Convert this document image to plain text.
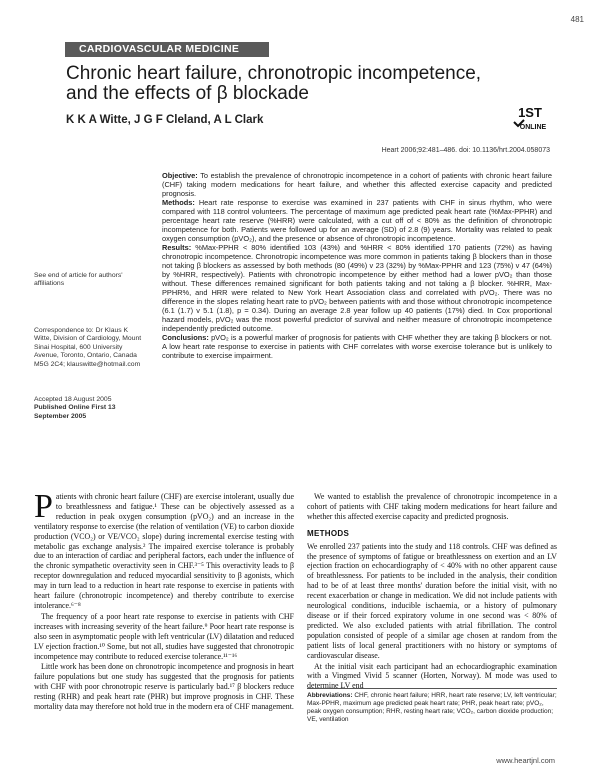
481
CARDIOVASCULAR MEDICINE
Chronic heart failure, chronotropic incompetence, and the effects of β blockade
K K A Witte, J G F Cleland, A L Clark	1ST
ONLINE
Heart 2006;92:481–486. doi: 10.1136/hrt.2004.058073
See end of article for authors' affiliations
Correspondence to: Dr Klaus K Witte, Division of Cardiology, Mount Sinai Hospital, 600 University Avenue, Toronto, Ontario, Canada M5G 2C4; klauswitte@hotmail.com
Accepted 18 August 2005
Published Online First 13 September 2005

Objective: To establish the prevalence of chronotropic incompetence in a cohort of patients with chronic heart failure (CHF) taking modern medications for heart failure, and whether this affected exercise capacity and predicted prognosis.

Methods: Heart rate response to exercise was examined in 237 patients with CHF in sinus rhythm, who were compared with 118 control volunteers. The percentage of maximum age predicted peak heart rate (%Max-PPHR) and percentage heart rate reserve (%HRR) were calculated, with a cut off of < 80% as the definition of chronotropic incompetence for both. Patients were followed up for an average (SD) of 2.8 (9) years. Mortality was related to peak oxygen consumption (pVO₂), and the presence or absence of chronotropic incompetence.

Results: %Max-PPHR < 80% identified 103 (43%) and %HRR < 80% identified 170 patients (72%) as having chronotropic incompetence. Chronotropic incompetence was more common in patients taking β blockers than in those not taking β blockers as assessed by both methods (80 (49%) v 23 (32%) by %Max-PPHR and 123 (75%) v 47 (64%) by %HRR, respectively). Patients with chronotropic incompetence by either method had a lower pVO₂ than those without. These differences remained significant for both patients taking and not taking a β blocker. %HRR, Max-PPHR%, and HRR were related to New York Heart Association class and correlated with pVO₂. There was no difference in the slopes relating heart rate to pVO₂ between patients with and those without chronotropic incompetence (6.1 (1.7) v 5.1 (1.8), p = 0.34). During an average 2.8 year follow up 40 patients (17%) died. In Cox proportional hazard models, pVO₂ was the most powerful predictor of survival and neither measure of chronotropic incompetence independently predicted outcome.

Conclusions: pVO₂ is a powerful marker of prognosis for patients with CHF whether they are taking β blockers or not. A low heart rate response to exercise in patients with CHF correlates with worse exercise tolerance but is unlikely to contribute to exercise impairment.

Patients with chronic heart failure (CHF) are exercise intolerant, usually due to breathlessness and fatigue.¹ These can be objectively assessed as a reduction in peak oxygen consumption (pVO₂) and an increase in the ventilatory response to exercise (the relation of ventilation (VE) to carbon dioxide production (VCO₂) or VE/VCO₂ slope) during incremental exercise testing with metabolic gas exchange analysis.² The impaired exercise tolerance is probably due to an interaction of cardiac and peripheral factors, each under the influence of the chronic sympathetic overactivity seen in CHF.³⁻⁵ This overactivity leads to β receptor downregulation and reduced myocardial sensitivity to β agonists, which may in turn lead to a reduction in heart rate response to exercise in patients with heart failure (chronotropic incompetence) and thereby contribute to exercise intolerance.⁶⁻⁸

The frequency of a poor heart rate response to exercise in patients with CHF increases with increasing severity of the heart failure.⁹ Poor heart rate response is also seen in asymptomatic people with left ventricular (LV) dilatation and reduced LV ejection fraction.¹⁰ Some, but not all, studies have suggested that chronotropic incompetence may contribute to reduced exercise tolerance.¹¹⁻¹⁶

Little work has been done on chronotropic incompetence and prognosis in heart failure populations but one study has suggested that the prognosis for patients with CHF with poor chronotropic reserve is particularly bad.¹⁷ β blockers reduce resting (RHR) and peak heart rate (PHR) but improve prognosis in CHF. These mortality data may therefore not hold true in the modern era of CHF management.

We wanted to establish the prevalence of chronotropic incompetence in a cohort of patients with CHF taking modern medications for heart failure and whether this affected exercise capacity and predicted prognosis.

METHODS

We enrolled 237 patients into the study and 118 controls. CHF was defined as the presence of symptoms of fatigue or breathlessness on exertion and an LV ejection fraction on echocardiography of < 40% with no other apparent cause of breathlessness. For patients to be included in the analysis, their condition had to be of at least three months' duration before the initial visit, with no recent exacerbation or change in medication. We did not include patients with neurological conditions, inducible ischaemia, or a history of pulmonary disease or if their forced expiratory volume in one second was < 80% of predicted. We also excluded patients with atrial fibrillation. The control population consisted of people of a similar age chosen at random from the patient lists of local general practitioners with no history or symptoms of cardiovascular disease.

At the initial visit each participant had an echocardiographic examination with a Vingmed Vivid 5 scanner (Horten, Norway). M mode was used to determine LV end

Abbreviations: CHF, chronic heart failure; HRR, heart rate reserve; LV, left ventricular; Max-PPHR, maximum age predicted peak heart rate; PHR, peak heart rate; pVO₂, peak oxygen consumption; RHR, resting heart rate; VCO₂, carbon dioxide production; VE, ventilation
www.heartjnl.com
